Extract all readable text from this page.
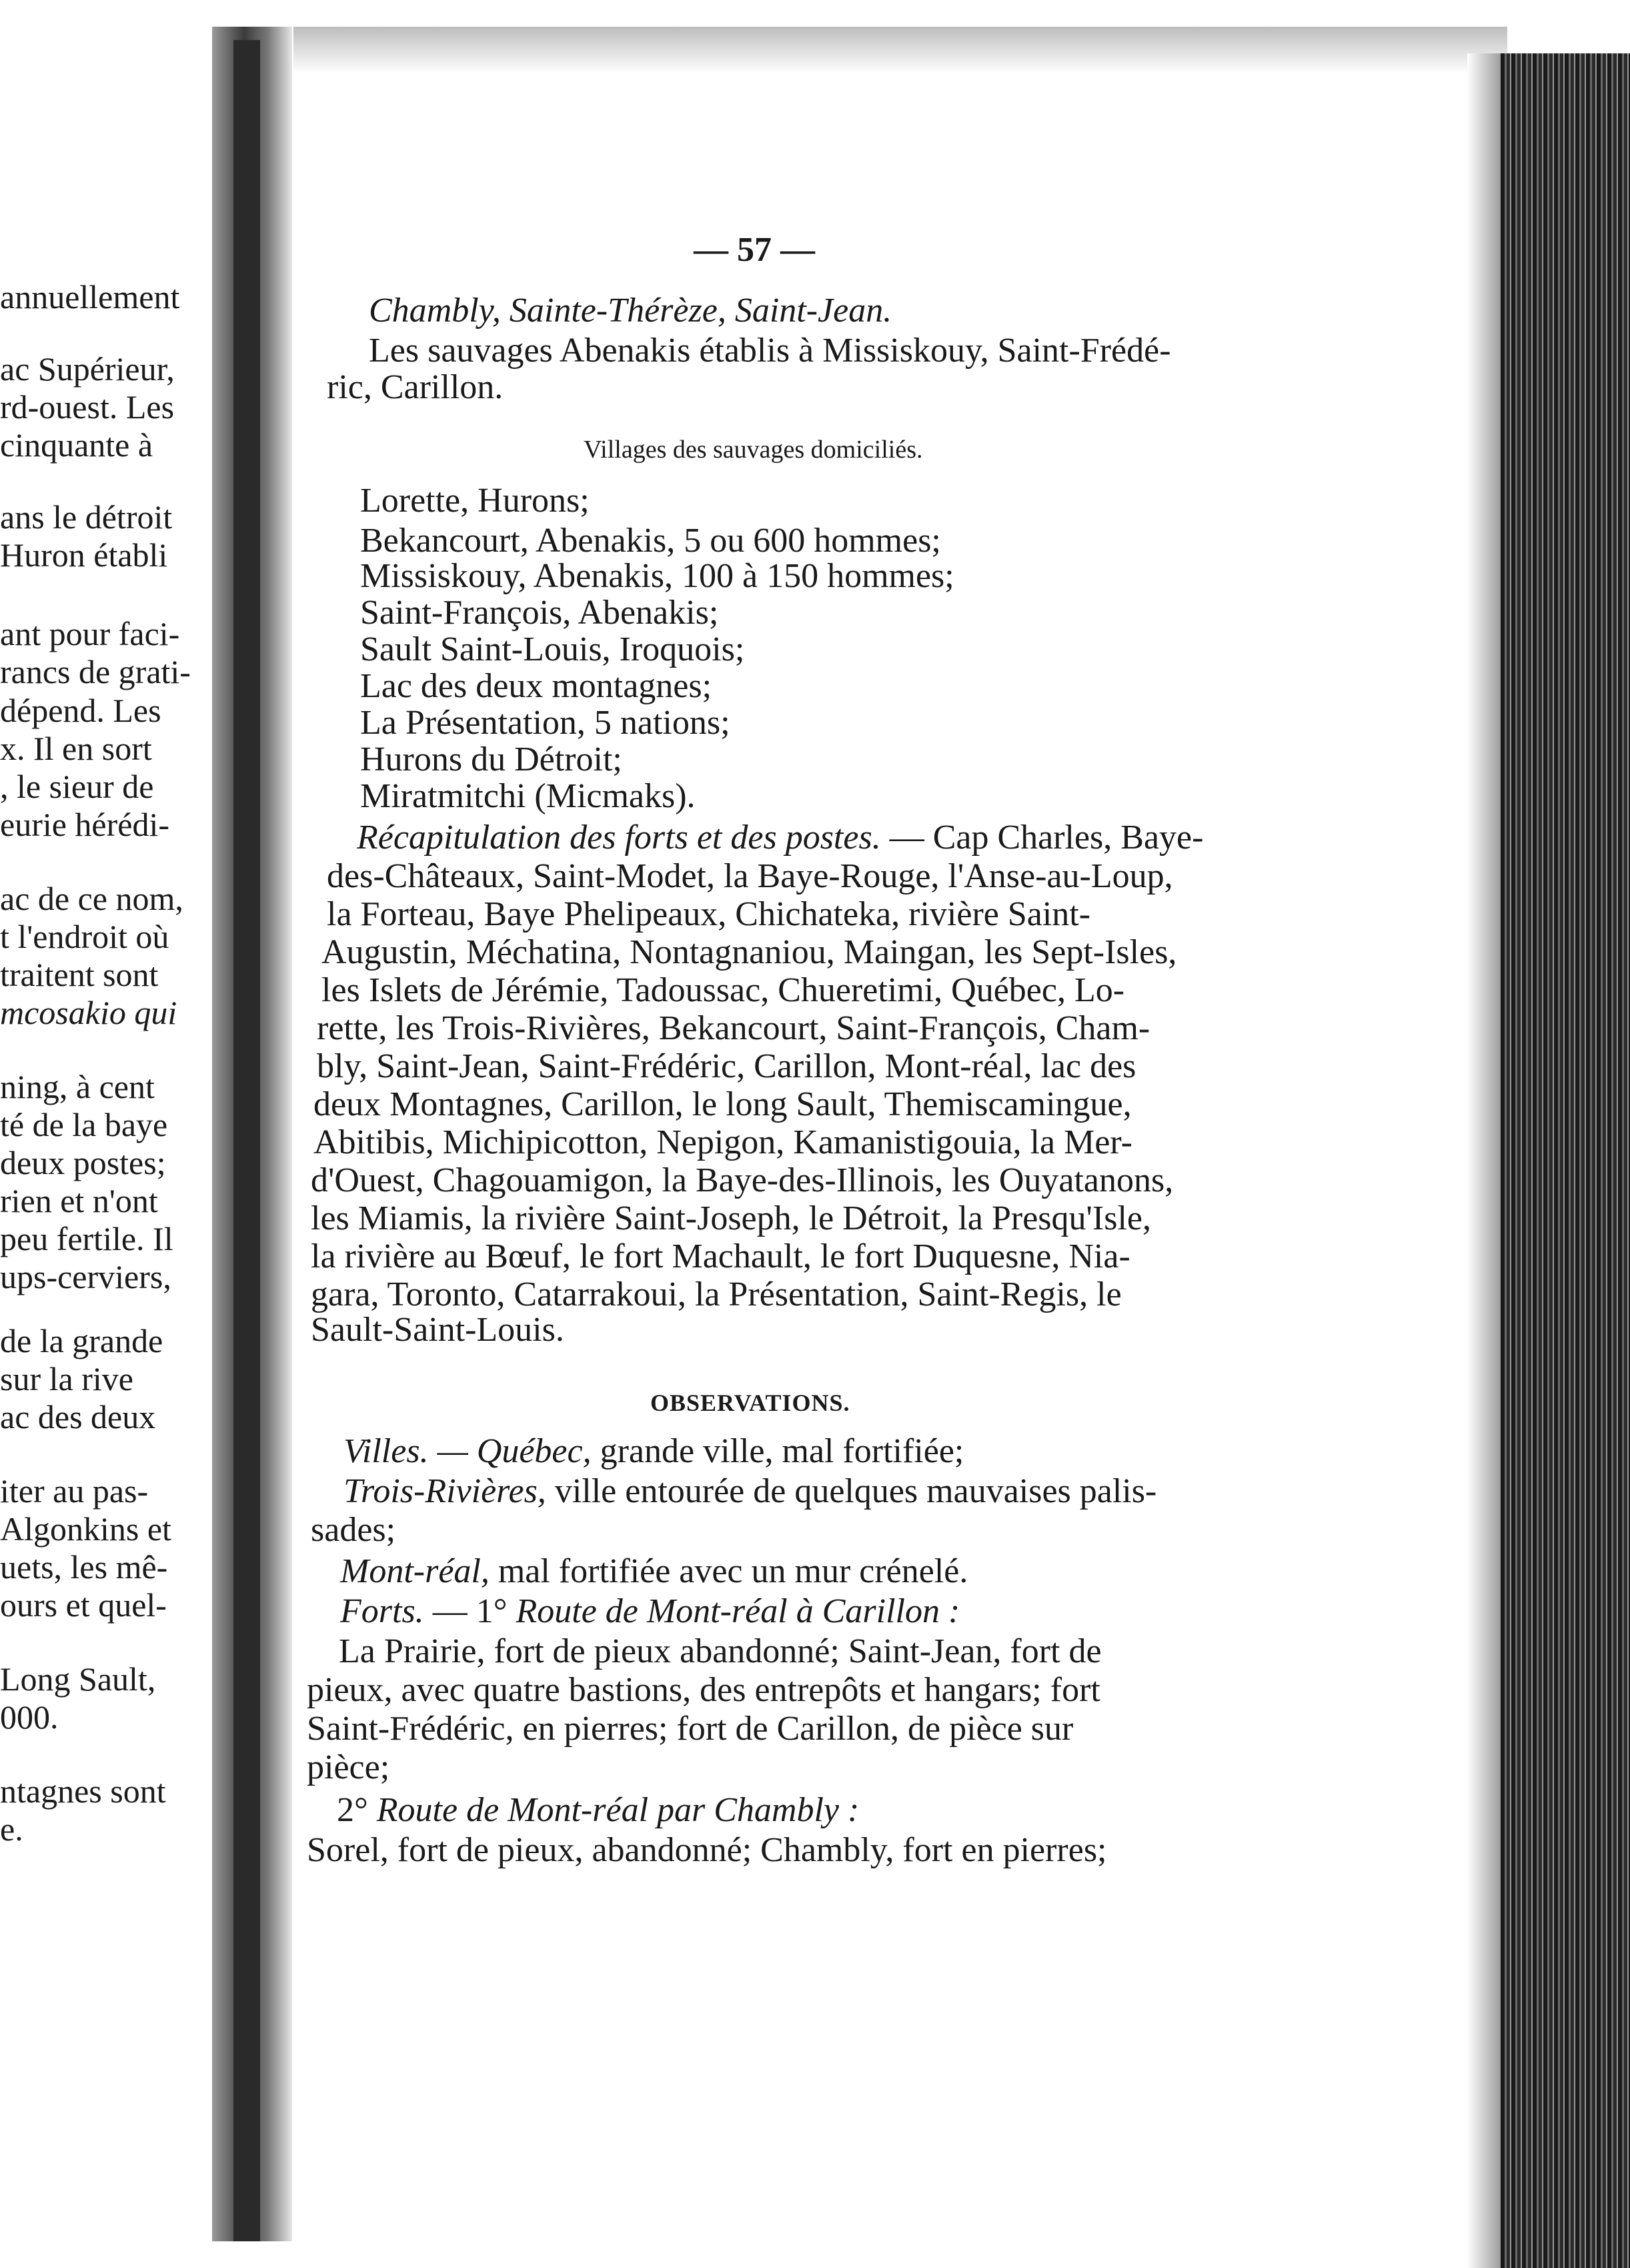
annuellement
ac Supérieur,
rd-ouest. Les
cinquante à
ans le détroit
Huron établi
ant pour faci-
rancs de grati-
dépend. Les
x. Il en sort
, le sieur de
eurie hérédi-
ac de ce nom,
t l'endroit où
traitent sont
mcosakio qui
ning, à cent
té de la baye
deux postes;
rien et n'ont
peu fertile. Il
ups-cerviers,
de la grande
sur la rive
ac des deux
iter au pas-
Algonkins et
uets, les mê-
ours et quel-
Long Sault,
000.
ntagnes sont
e.
— 57 —
Chambly, Sainte-Thérèze, Saint-Jean.
Les sauvages Abenakis établis à Missiskouy, Saint-Frédé-
ric, Carillon.
Villages des sauvages domiciliés.
Lorette, Hurons;
Bekancourt, Abenakis, 5 ou 600 hommes;
Missiskouy, Abenakis, 100 à 150 hommes;
Saint-François, Abenakis;
Sault Saint-Louis, Iroquois;
Lac des deux montagnes;
La Présentation, 5 nations;
Hurons du Détroit;
Miratmitchi (Micmaks).
Récapitulation des forts et des postes. — Cap Charles, Baye-
des-Châteaux, Saint-Modet, la Baye-Rouge, l'Anse-au-Loup,
la Forteau, Baye Phelipeaux, Chichateka, rivière Saint-
Augustin, Méchatina, Nontagnaniou, Maingan, les Sept-Isles,
les Islets de Jérémie, Tadoussac, Chueretimi, Québec, Lo-
rette, les Trois-Rivières, Bekancourt, Saint-François, Cham-
bly, Saint-Jean, Saint-Frédéric, Carillon, Mont-réal, lac des
deux Montagnes, Carillon, le long Sault, Themiscamingue,
Abitibis, Michipicotton, Nepigon, Kamanistigouia, la Mer-
d'Ouest, Chagouamigon, la Baye-des-Illinois, les Ouyatanons,
les Miamis, la rivière Saint-Joseph, le Détroit, la Presqu'Isle,
la rivière au Bœuf, le fort Machault, le fort Duquesne, Nia-
gara, Toronto, Catarrakoui, la Présentation, Saint-Regis, le
Sault-Saint-Louis.
OBSERVATIONS.
Villes. — Québec, grande ville, mal fortifiée;
Trois-Rivières, ville entourée de quelques mauvaises palis-
sades;
Mont-réal, mal fortifiée avec un mur crénelé.
Forts. — 1° Route de Mont-réal à Carillon :
La Prairie, fort de pieux abandonné; Saint-Jean, fort de
pieux, avec quatre bastions, des entrepôts et hangars; fort
Saint-Frédéric, en pierres; fort de Carillon, de pièce sur
pièce;
2° Route de Mont-réal par Chambly :
Sorel, fort de pieux, abandonné; Chambly, fort en pierres;
